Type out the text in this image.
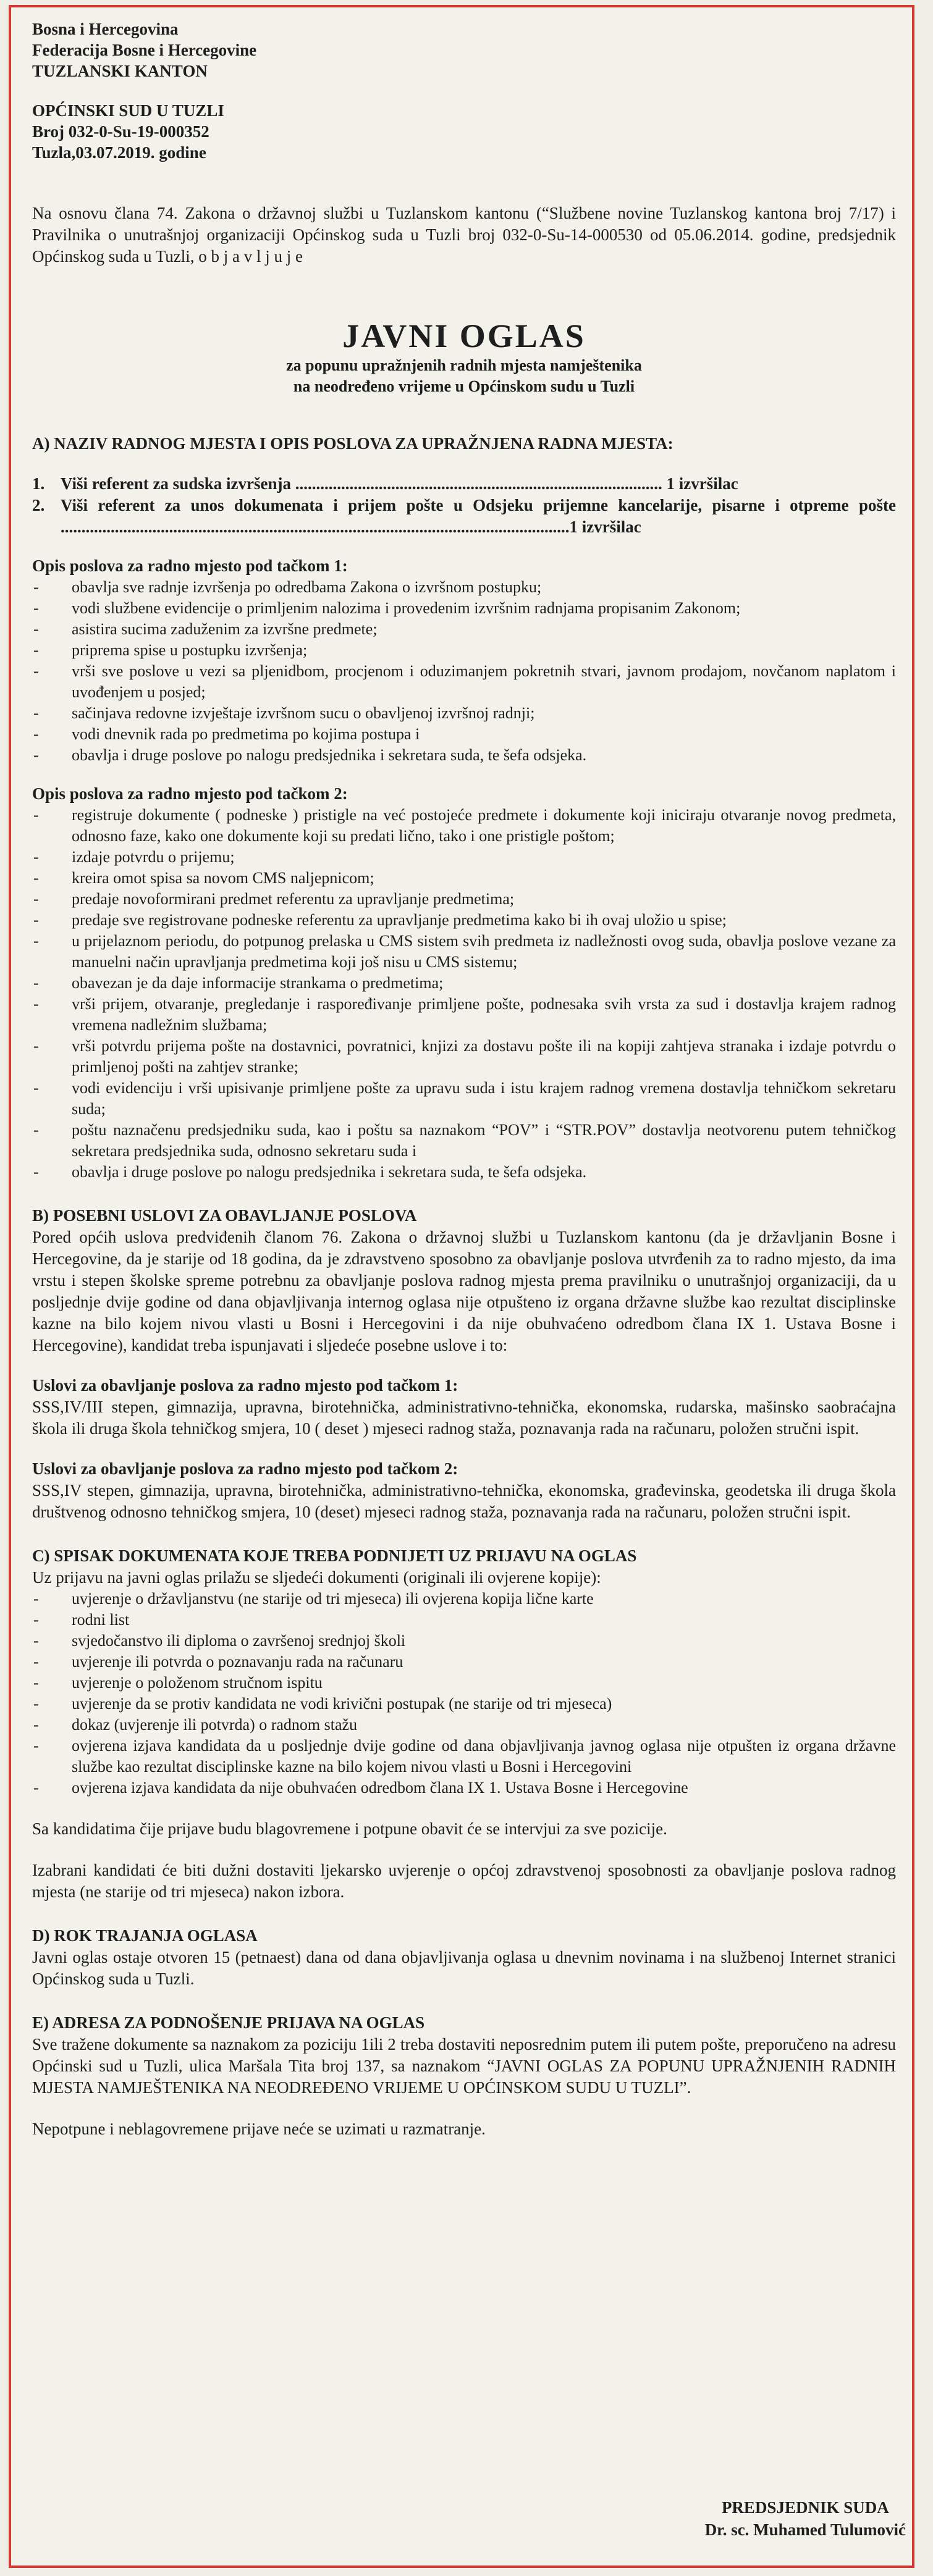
Bosna i Hercegovina
Federacija Bosne i Hercegovine
TUZLANSKI KANTON
OPĆINSKI SUD U TUZLI
Broj 032-0-Su-19-000352
Tuzla,03.07.2019. godine

Na osnovu člana 74. Zakona o državnoj službi u Tuzlanskom kantonu (“Službene novine Tuzlanskog kantona broj 7/17) i Pravilnika o unutrašnjoj organizaciji Općinskog suda u Tuzli broj 032-0-Su-14-000530 od 05.06.2014. godine, predsjednik Općinskog suda u Tuzli, o b j a v l j u j e

JAVNI OGLAS
za popunu upražnjenih radnih mjesta namještenika
na neodređeno vrijeme u Općinskom sudu u Tuzli
A) NAZIV RADNOG MJESTA I OPIS POSLOVA ZA UPRAŽNJENA RADNA MJESTA:
1. Viši referent za sudska izvršenja ........................................................................................ 1 izvršilac
2. Viši referent za unos dokumenata i prijem pošte u Odsjeku prijemne kancelarije, pisarne i otpreme pošte ..........................................................................................................................1 izvršilac
Opis poslova za radno mjesto pod tačkom 1:
- obavlja sve radnje izvršenja po odredbama Zakona o izvršnom postupku;
- vodi službene evidencije o primljenim nalozima i provedenim izvršnim radnjama propisanim Zakonom;
- asistira sucima zaduženim za izvršne predmete;
- priprema spise u postupku izvršenja;
- vrši sve poslove u vezi sa pljenidbom, procjenom i oduzimanjem pokretnih stvari, javnom prodajom, novčanom naplatom i uvođenjem u posjed;
- sačinjava redovne izvještaje izvršnom sucu o obavljenoj izvršnoj radnji;
- vodi dnevnik rada po predmetima po kojima postupa i
- obavlja i druge poslove po nalogu predsjednika i sekretara suda, te šefa odsjeka.
Opis poslova za radno mjesto pod tačkom 2:
- registruje dokumente ( podneske ) pristigle na već postojeće predmete i dokumente koji iniciraju otvaranje novog predmeta, odnosno faze, kako one dokumente koji su predati lično, tako i one pristigle poštom;
- izdaje potvrdu o prijemu;
- kreira omot spisa sa novom CMS naljepnicom;
- predaje novoformirani predmet referentu za upravljanje predmetima;
- predaje sve registrovane podneske referentu za upravljanje predmetima kako bi ih ovaj uložio u spise;
- u prijelaznom periodu, do potpunog prelaska u CMS sistem svih predmeta iz nadležnosti ovog suda, obavlja poslove vezane za manuelni način upravljanja predmetima koji još nisu u CMS sistemu;
- obavezan je da daje informacije strankama o predmetima;
- vrši prijem, otvaranje, pregledanje i raspoređivanje primljene pošte, podnesaka svih vrsta za sud i dostavlja krajem radnog vremena nadležnim službama;
- vrši potvrdu prijema pošte na dostavnici, povratnici, knjizi za dostavu pošte ili na kopiji zahtjeva stranaka i izdaje potvrdu o primljenoj pošti na zahtjev stranke;
- vodi evidenciju i vrši upisivanje primljene pošte za upravu suda i istu krajem radnog vremena dostavlja tehničkom sekretaru suda;
- poštu naznačenu predsjedniku suda, kao i poštu sa naznakom “POV” i “STR.POV” dostavlja neotvorenu putem tehničkog sekretara predsjednika suda, odnosno sekretaru suda i
- obavlja i druge poslove po nalogu predsjednika i sekretara suda, te šefa odsjeka.
B) POSEBNI USLOVI ZA OBAVLJANJE POSLOVA

Pored općih uslova predviđenih članom 76. Zakona o državnoj službi u Tuzlanskom kantonu (da je državljanin Bosne i Hercegovine, da je starije od 18 godina, da je zdravstveno sposobno za obavljanje poslova utvrđenih za to radno mjesto, da ima vrstu i stepen školske spreme potrebnu za obavljanje poslova radnog mjesta prema pravilniku o unutrašnjoj organizaciji, da u posljednje dvije godine od dana objavljivanja internog oglasa nije otpušteno iz organa državne službe kao rezultat disciplinske kazne na bilo kojem nivou vlasti u Bosni i Hercegovini i da nije obuhvaćeno odredbom člana IX 1. Ustava Bosne i Hercegovine), kandidat treba ispunjavati i sljedeće posebne uslove i to:

Uslovi za obavljanje poslova za radno mjesto pod tačkom 1:

SSS,IV/III stepen, gimnazija, upravna, birotehnička, administrativno-tehnička, ekonomska, rudarska, mašinsko saobraćajna škola ili druga škola tehničkog smjera, 10 ( deset ) mjeseci radnog staža, poznavanja rada na računaru, položen stručni ispit.

Uslovi za obavljanje poslova za radno mjesto pod tačkom 2:

SSS,IV stepen, gimnazija, upravna, birotehnička, administrativno-tehnička, ekonomska, građevinska, geodetska ili druga škola društvenog odnosno tehničkog smjera, 10 (deset) mjeseci radnog staža, poznavanja rada na računaru, položen stručni ispit.

C) SPISAK DOKUMENATA KOJE TREBA PODNIJETI UZ PRIJAVU NA OGLAS

Uz prijavu na javni oglas prilažu se sljedeći dokumenti (originali ili ovjerene kopije):

- uvjerenje o državljanstvu (ne starije od tri mjeseca) ili ovjerena kopija lične karte
- rodni list
- svjedočanstvo ili diploma o završenoj srednjoj školi
- uvjerenje ili potvrda o poznavanju rada na računaru
- uvjerenje o položenom stručnom ispitu
- uvjerenje da se protiv kandidata ne vodi krivični postupak (ne starije od tri mjeseca)
- dokaz (uvjerenje ili potvrda) o radnom stažu
- ovjerena izjava kandidata da u posljednje dvije godine od dana objavljivanja javnog oglasa nije otpušten iz organa državne službe kao rezultat disciplinske kazne na bilo kojem nivou vlasti u Bosni i Hercegovini
- ovjerena izjava kandidata da nije obuhvaćen odredbom člana IX 1. Ustava Bosne i Hercegovine

Sa kandidatima čije prijave budu blagovremene i potpune obavit će se intervjui za sve pozicije.

Izabrani kandidati će biti dužni dostaviti ljekarsko uvjerenje o općoj zdravstvenoj sposobnosti za obavljanje poslova radnog mjesta (ne starije od tri mjeseca) nakon izbora.

D) ROK TRAJANJA OGLASA

Javni oglas ostaje otvoren 15 (petnaest) dana od dana objavljivanja oglasa u dnevnim novinama i na službenoj Internet stranici Općinskog suda u Tuzli.

E) ADRESA ZA PODNOŠENJE PRIJAVA NA OGLAS

Sve tražene dokumente sa naznakom za poziciju 1ili 2 treba dostaviti neposrednim putem ili putem pošte, preporučeno na adresu Općinski sud u Tuzli, ulica Maršala Tita broj 137, sa naznakom “JAVNI OGLAS ZA POPUNU UPRAŽNJENIH RADNIH MJESTA NAMJEŠTENIKA NA NEODREĐENO VRIJEME U OPĆINSKOM SUDU U TUZLI”.

Nepotpune i neblagovremene prijave neće se uzimati u razmatranje.

PREDSJEDNIK SUDA
Dr. sc. Muhamed Tulumović
